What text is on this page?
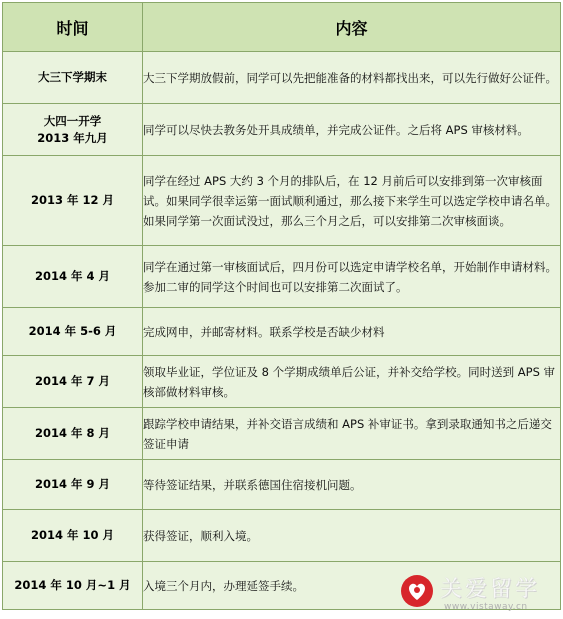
时间	内容

大三下学期末	大三下学期放假前，同学可以先把能准备的材料都找出来，可以先行做好公证件。

大四一开学
2013 年九月	同学可以尽快去教务处开具成绩单，并完成公证件。之后将 APS 审核材料。

2013 年 12 月	同学在经过 APS 大约 3 个月的排队后，在 12 月前后可以安排到第一次审核面试。如果同学很幸运第一面试顺利通过，那么接下来学生可以选定学校申请名单。如果同学第一次面试没过，那么三个月之后，可以安排第二次审核面谈。

2014 年 4 月	同学在通过第一审核面试后，四月份可以选定申请学校名单，开始制作申请材料。参加二审的同学这个时间也可以安排第二次面试了。

2014 年 5-6 月	完成网申，并邮寄材料。联系学校是否缺少材料

2014 年 7 月	领取毕业证，学位证及 8 个学期成绩单后公证，并补交给学校。同时送到 APS 审核部做材料审核。

2014 年 8 月	跟踪学校申请结果，并补交语言成绩和 APS 补审证书。拿到录取通知书之后递交签证申请

2014 年 9 月	等待签证结果，并联系德国住宿接机问题。

2014 年 10 月	获得签证，顺利入境。

2014 年 10 月~1 月	入境三个月内，办理延签手续。	关爱留学
www.vistaway.cn
